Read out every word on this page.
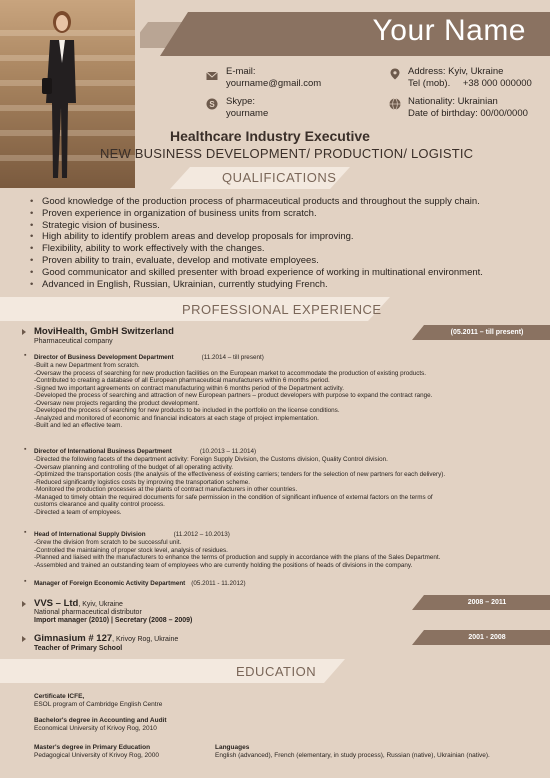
Your Name
E-mail:
yourname@gmail.com
S Skype:
yourname
Address: Kyiv, Ukraine
Tel (mob). +38 000 000000
Nationality: Ukrainian
Date of birthday: 00/00/0000
Healthcare Industry Executive
NEW BUSINESS DEVELOPMENT/ PRODUCTION/ LOGISTIC
QUALIFICATIONS
• Good knowledge of the production process of pharmaceutical products and throughout the supply chain.
• Proven experience in organization of business units from scratch.
• Strategic vision of business.
• High ability to identify problem areas and develop proposals for improving.
• Flexibility, ability to work effectively with the changes.
• Proven ability to train, evaluate, develop and motivate employees.
• Good communicator and skilled presenter with broad experience of working in multinational environment.
• Advanced in English, Russian, Ukrainian, currently studying French.
PROFESSIONAL EXPERIENCE
MoviHealth, GmbH Switzerland
Pharmaceutical company
(05.2011 – till present)
▪ Director of Business Development Department	(11.2014 – till present)
-Built a new Department from scratch.
-Oversaw the process of searching for new production facilities on the European market to accommodate the production of existing products.
-Contributed to creating a database of all European pharmaceutical manufacturers within 6 months period.
-Signed two important agreements on contract manufacturing within 6 months period of the Department activity.
-Developed the process of searching and attraction of new European partners – product developers with purpose to expand the contract range.
-Oversaw new projects regarding the product development.
-Developed the process of searching for new products to be included in the portfolio on the license conditions.
-Analyzed and monitored of economic and financial indicators at each stage of project implementation.
-Built and led an effective team.
▪ Director of International Business Department	(10.2013 – 11.2014)
-Directed the following facets of the department activity: Foreign Supply Division, the Customs division, Quality Control division.
-Oversaw planning and controlling of the budget of all operating activity.
-Optimized the transportation costs (the analysis of the effectiveness of existing carriers; tenders for the selection of new partners for each delivery).
-Reduced significantly logistics costs by improving the transportation scheme.
-Monitored the production processes at the plants of contract manufacturers in other countries.
-Managed to timely obtain the required documents for safe permission in the condition of significant influence of external factors on the terms of
customs clearance and quality control process.
-Directed a team of employees.
▪ Head of International Supply Division	(11.2012 – 10.2013)
-Grew the division from scratch to be successful unit.
-Controlled the maintaining of proper stock level, analysis of residues.
-Planned and liaised with the manufacturers to enhance the terms of production and supply in accordance with the plans of the Sales Department.
-Assembled and trained an outstanding team of employees who are currently holding the positions of heads of divisions in the company.
▪ Manager of Foreign Economic Activity Department (05.2011 - 11.2012)
VVS – Ltd, Kyiv, Ukraine
National pharmaceutical distributor
Import manager (2010) | Secretary (2008 – 2009)
2008 – 2011
Gimnasium # 127, Krivoy Rog, Ukraine
Teacher of Primary School
2001 - 2008
EDUCATION
Certificate ICFE,
ESOL program of Cambridge English Centre
Bachelor's degree in Accounting and Audit
Economical University of Krivoy Rog, 2010
Master's degree in Primary Education
Pedagogical University of Krivoy Rog, 2000
Languages
English (advanced), French (elementary, in study process), Russian (native), Ukrainian (native).
